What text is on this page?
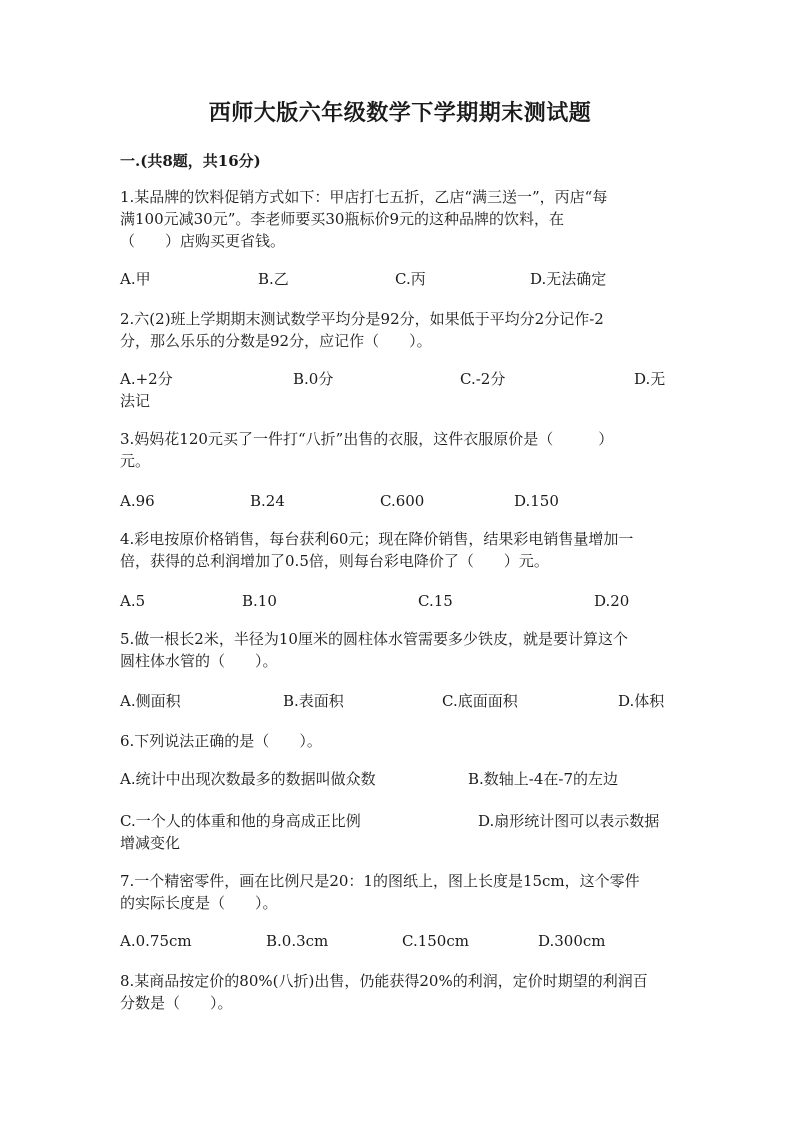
西师大版六年级数学下学期期末测试题
一.(共8题，共16分)

1.某品牌的饮料促销方式如下：甲店打七五折，乙店“满三送一”，丙店“每

满100元减30元”。李老师要买30瓶标价9元的这种品牌的饮料，在

（　　）店购买更省钱。

A.甲	B.乙	C.丙	D.无法确定

2.六(2)班上学期期末测试数学平均分是92分，如果低于平均分2分记作-2

分，那么乐乐的分数是92分，应记作（　　）。

A.+2分	B.0分	C.-2分	D.无
法记

3.妈妈花120元买了一件打“八折”出售的衣服，这件衣服原价是（　　　）

元。

A.96	B.24	C.600	D.150

4.彩电按原价格销售，每台获利60元；现在降价销售，结果彩电销售量增加一

倍，获得的总利润增加了0.5倍，则每台彩电降价了（　　）元。

A.5	B.10	C.15	D.20

5.做一根长2米，半径为10厘米的圆柱体水管需要多少铁皮，就是要计算这个

圆柱体水管的（　　）。

A.侧面积	B.表面积	C.底面面积	D.体积

6.下列说法正确的是（　　）。

A.统计中出现次数最多的数据叫做众数	B.数轴上-4在-7的左边
C.一个人的体重和他的身高成正比例	D.扇形统计图可以表示数据
增减变化

7.一个精密零件，画在比例尺是20：1的图纸上，图上长度是15cm，这个零件

的实际长度是（　　）。

A.0.75cm	B.0.3cm	C.150cm	D.300cm

8.某商品按定价的80%(八折)出售，仍能获得20%的利润，定价时期望的利润百

分数是（　　）。
